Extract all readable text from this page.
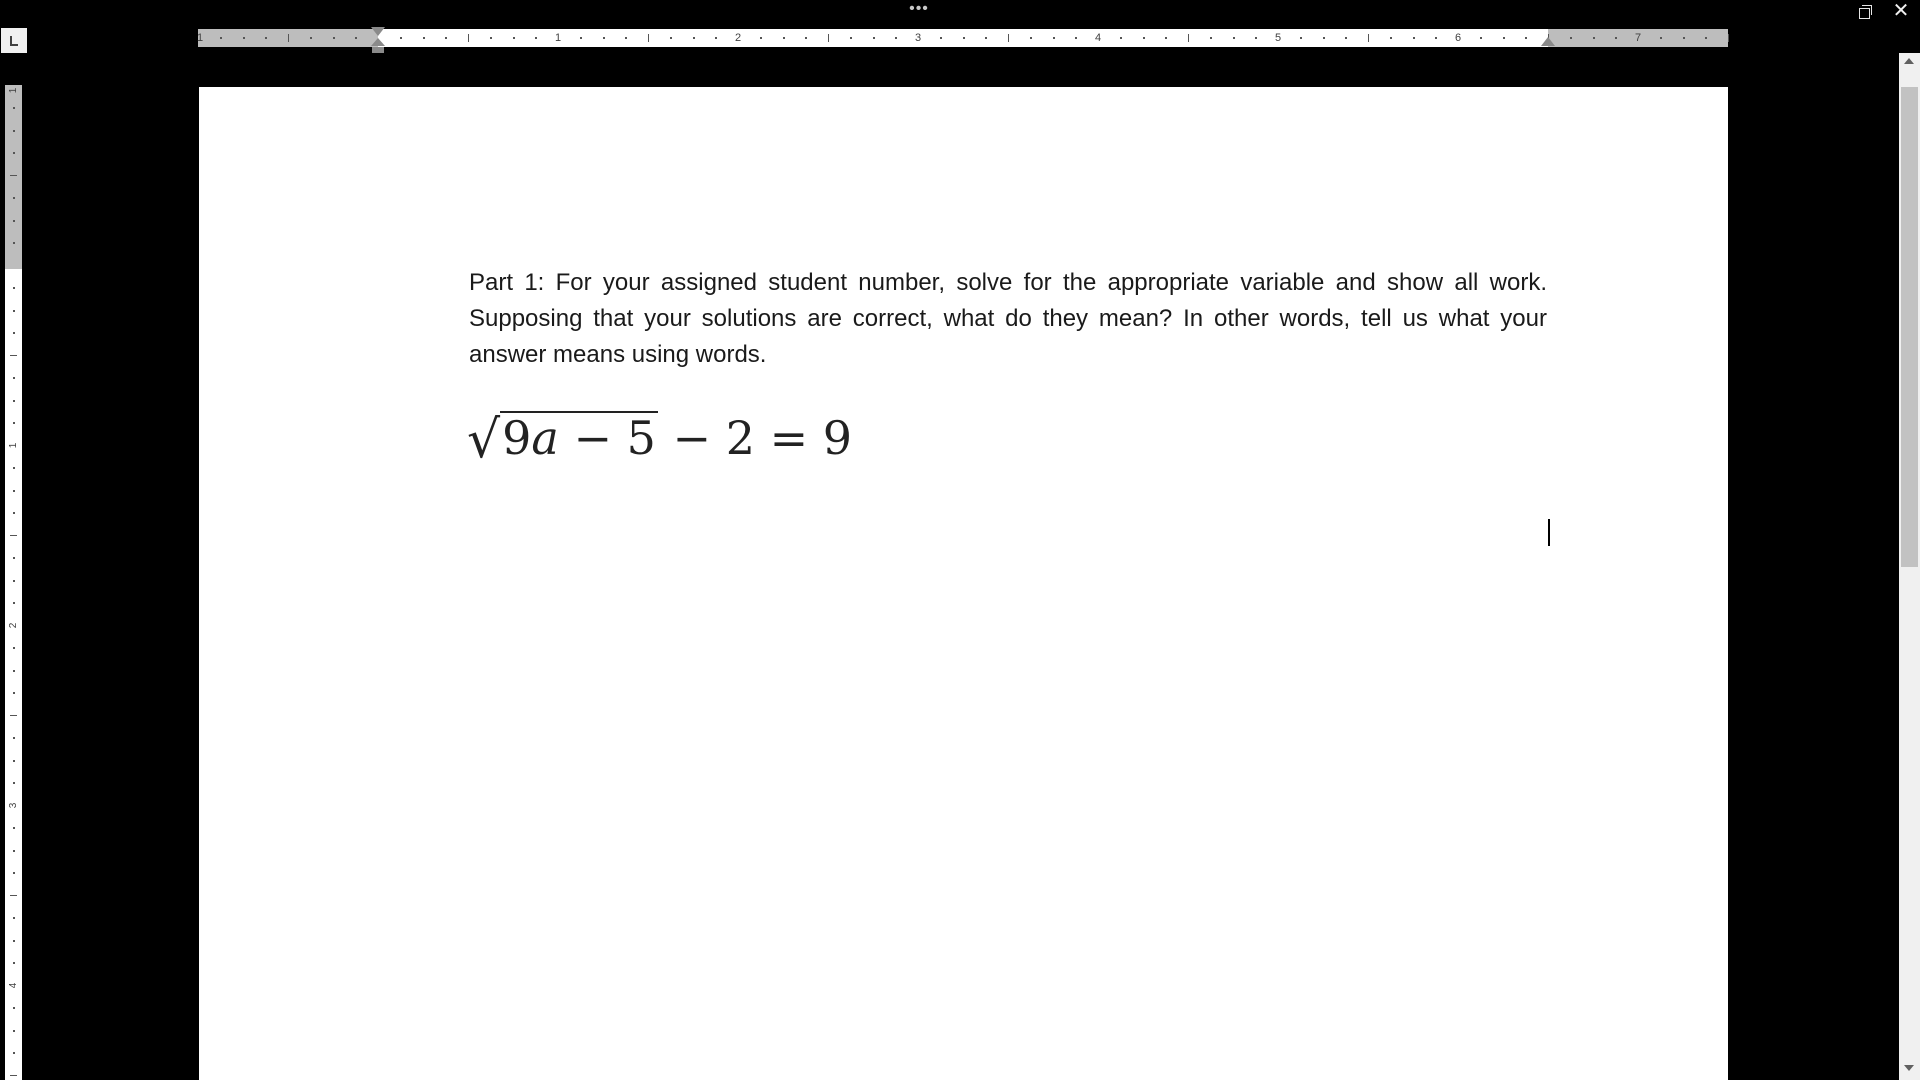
•••	✕
1	1	2	3	4	5	6	7
1
1
2
3
4

Part 1: For your assigned student number, solve for the appropriate variable and show all work. Supposing that your solutions are correct, what do they mean? In other words, tell us what your answer means using words.

√9a − 5 − 2 = 9
